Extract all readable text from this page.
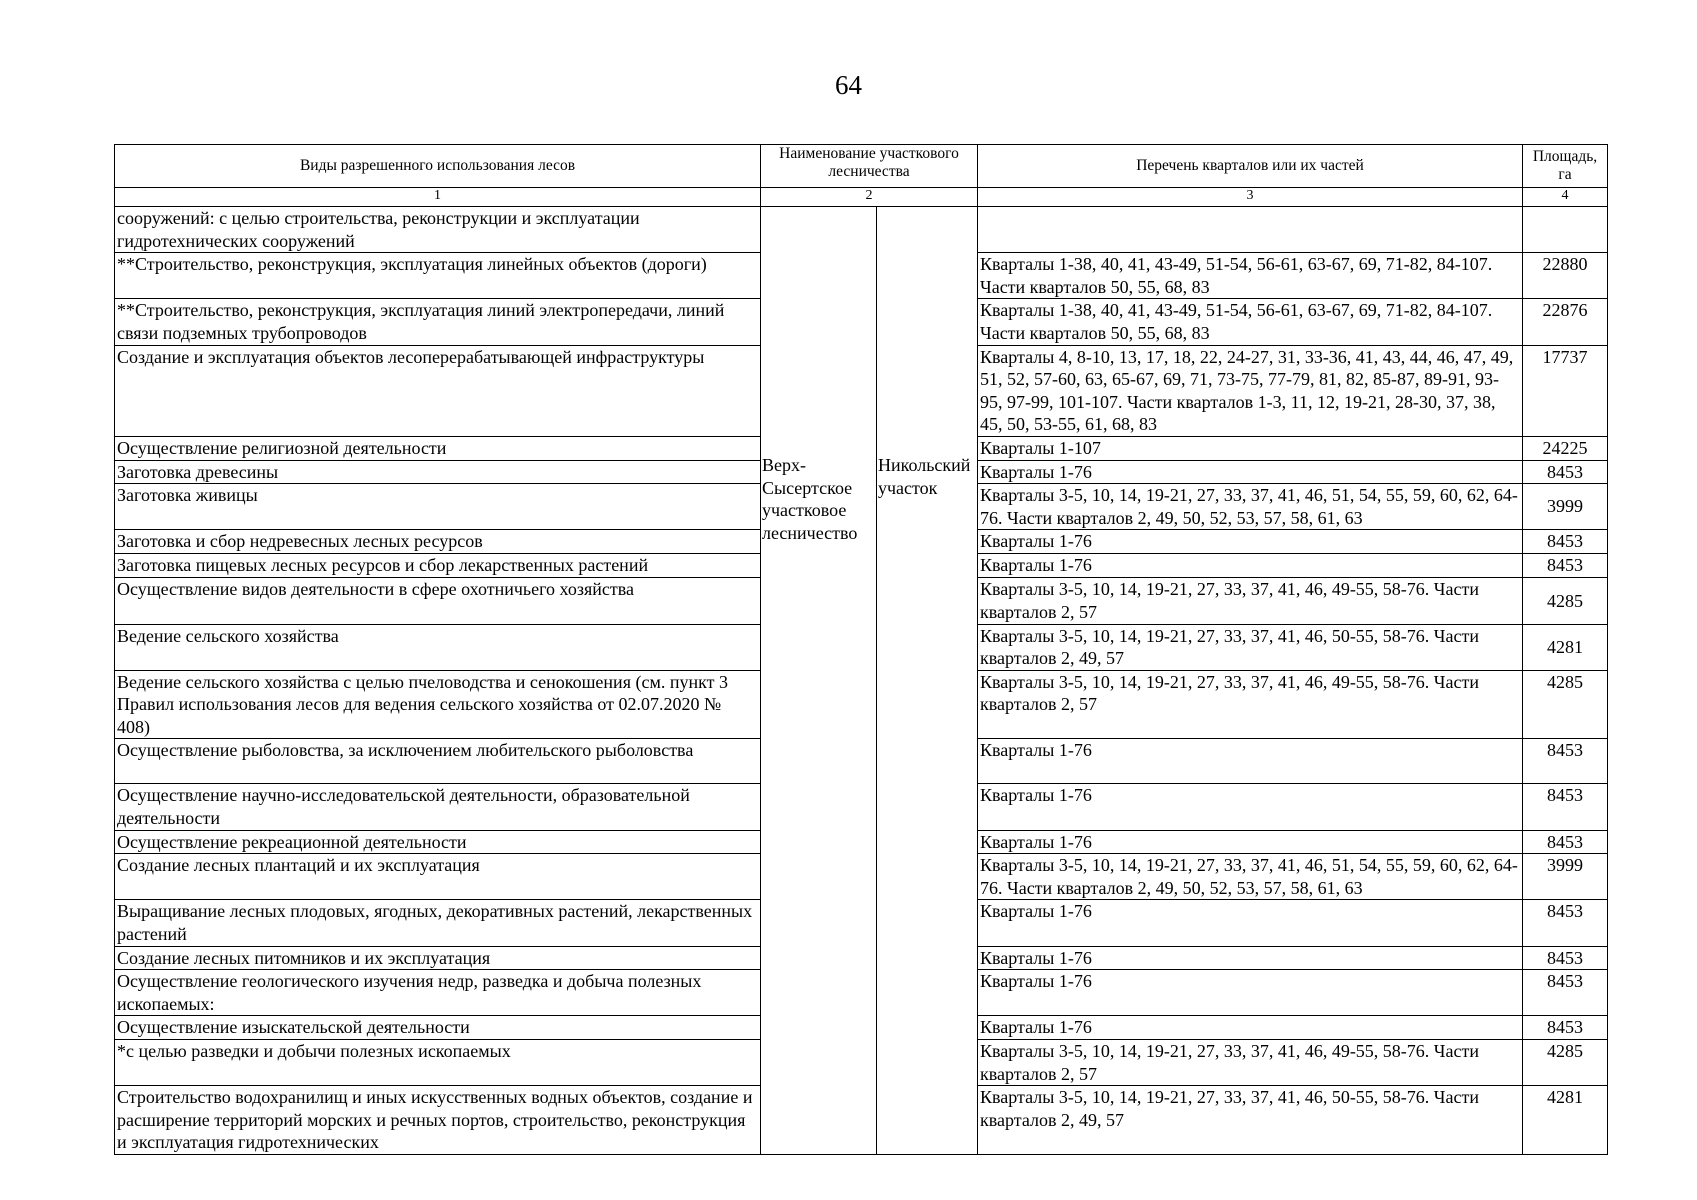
64
Виды разрешенного использования лесов	Наименование участкового лесничества		Перечень кварталов или их частей	Площадь, га
1	2		3	4
сооружений: с целью строительства, реконструкции и эксплуатации гидротехнических сооружений	Верх-Сысертское участковое лесничество	Никольский участок		
**Строительство, реконструкция, эксплуатация линейных объектов (дороги)			Кварталы 1-38, 40, 41, 43-49, 51-54, 56-61, 63-67, 69, 71-82, 84-107. Части кварталов 50, 55, 68, 83	22880
**Строительство, реконструкция, эксплуатация линий электропередачи, линий связи подземных трубопроводов			Кварталы 1-38, 40, 41, 43-49, 51-54, 56-61, 63-67, 69, 71-82, 84-107. Части кварталов 50, 55, 68, 83	22876
Создание и эксплуатация объектов лесоперерабатывающей инфраструктуры			Кварталы 4, 8-10, 13, 17, 18, 22, 24-27, 31, 33-36, 41, 43, 44, 46, 47, 49, 51, 52, 57-60, 63, 65-67, 69, 71, 73-75, 77-79, 81, 82, 85-87, 89-91, 93-95, 97-99, 101-107. Части кварталов 1-3, 11, 12, 19-21, 28-30, 37, 38, 45, 50, 53-55, 61, 68, 83	17737
Осуществление религиозной деятельности			Кварталы 1-107	24225
Заготовка древесины			Кварталы 1-76	8453
Заготовка живицы			Кварталы 3-5, 10, 14, 19-21, 27, 33, 37, 41, 46, 51, 54, 55, 59, 60, 62, 64-76. Части кварталов 2, 49, 50, 52, 53, 57, 58, 61, 63	3999
Заготовка и сбор недревесных лесных ресурсов			Кварталы 1-76	8453
Заготовка пищевых лесных ресурсов и сбор лекарственных растений			Кварталы 1-76	8453
Осуществление видов деятельности в сфере охотничьего хозяйства			Кварталы 3-5, 10, 14, 19-21, 27, 33, 37, 41, 46, 49-55, 58-76. Части кварталов 2, 57	4285
Ведение сельского хозяйства			Кварталы 3-5, 10, 14, 19-21, 27, 33, 37, 41, 46, 50-55, 58-76. Части кварталов 2, 49, 57	4281
Ведение сельского хозяйства с целью пчеловодства и сенокошения (см. пункт 3 Правил использования лесов для ведения сельского хозяйства от 02.07.2020 № 408)			Кварталы 3-5, 10, 14, 19-21, 27, 33, 37, 41, 46, 49-55, 58-76. Части кварталов 2, 57	4285
Осуществление рыболовства, за исключением любительского рыболовства			Кварталы 1-76	8453
Осуществление научно-исследовательской деятельности, образовательной деятельности			Кварталы 1-76	8453
Осуществление рекреационной деятельности			Кварталы 1-76	8453
Создание лесных плантаций и их эксплуатация			Кварталы 3-5, 10, 14, 19-21, 27, 33, 37, 41, 46, 51, 54, 55, 59, 60, 62, 64-76. Части кварталов 2, 49, 50, 52, 53, 57, 58, 61, 63	3999
Выращивание лесных плодовых, ягодных, декоративных растений, лекарственных растений			Кварталы 1-76	8453
Создание лесных питомников и их эксплуатация			Кварталы 1-76	8453
Осуществление геологического изучения недр, разведка и добыча полезных ископаемых:			Кварталы 1-76	8453
Осуществление изыскательской деятельности			Кварталы 1-76	8453
*с целью разведки и добычи полезных ископаемых			Кварталы 3-5, 10, 14, 19-21, 27, 33, 37, 41, 46, 49-55, 58-76. Части кварталов 2, 57	4285
Строительство водохранилищ и иных искусственных водных объектов, создание и расширение территорий морских и речных портов, строительство, реконструкция и эксплуатация гидротехнических			Кварталы 3-5, 10, 14, 19-21, 27, 33, 37, 41, 46, 50-55, 58-76. Части кварталов 2, 49, 57	4281
